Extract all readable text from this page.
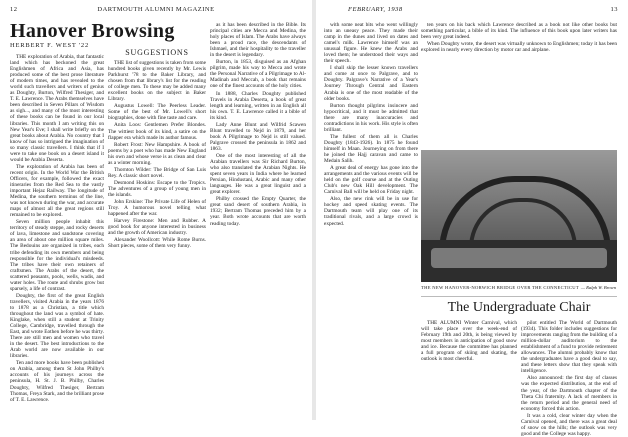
12	DARTMOUTH ALUMNI MAGAZINE
Hanover Browsing
HERBERT F. WEST '22
SUGGESTIONS

THE exploration of Arabia, that fantastic land which has beckoned the great Englishmen of Africa and Asia, has produced some of the best prose literature of modern times, and has revealed to the world such travellers and writers of genius as Doughty, Burton, Wilfred Thesiger, and T. E. Lawrence. The Arabs themselves have been described in Seven Pillars of Wisdom as sigh..., and many of the most interesting of these books can be found in our local libraries. This month I am writing this on New Year's Eve; I shall write briefly on the great books about Arabia. No country that I know of has so intrigued the imagination of so many classic travellers. I think that if I were to take one book on a desert island it would be Arabia Deserta.

The exploration of Arabia has been of recent origin. In the World War the British Officers, for example, followed the exact itineraries from the Red Sea to the vastly important Hejaz Railway. The longitude of Medina, the southern terminus of the line, was not known during the war, and accurate maps of almost all the great regions still remained to be explored.

Seven million people inhabit this territory of steady steppe, and rocky deserts of lava, limestone and sandstone covering an area of about one million square miles. The Bedouins are organized in tribes, each tribe defending its own members and being responsible for the individual's misdeeds. The tribes have their own retainers of craftsmen. The Arabs of the desert, the scattered peasants, pools, wells, wadis, and water holes. The route and shrubs grow but sparsely, a life of contrast.

Doughty, the first of the great English travellers, visited Arabia in the years 1876 to 1878 as a Christian, a title which throughout the land was a symbol of hate. Kinglake, when still a student at Trinity College, Cambridge, travelled through the East, and wrote Eothen before he was thirty. There are still men and women who travel in the desert. The best introductions to the Arab world are now available in our libraries.

Ten and more books have been published on Arabia, among them St John Philby's accounts of his journeys across the peninsula, H. St. J. B. Philby, Charles Doughty, Wilfred Thesiger, Bertram Thomas, Freya Stark, and the brilliant prose of T. E. Lawrence.

THE list of suggestions is taken from some hundred books given recently by Mr. Lewis Parkhurst '78 to the Baker Library, and chosen from that library's list for the reading of college men. To these may be added many excellent books on the subject in Baker Library.

Augustus Lowell: The Peerless Leader. Some of the best of Mr. Lowell's short biographies, done with fine taste and care.

Anita Loos: Gentlemen Prefer Blondes. The wittiest book of its kind, a satire on the flapper era which made its author famous.

Robert Frost: New Hampshire. A book of poems by a poet who has made New England his own and whose verse is as clean and clear as a winter morning.

Thornton Wilder: The Bridge of San Luis Rey. A classic short novel.

Desmond Hoskins: Escape to the Tropics. The adventures of a group of young men in the islands.

John Erskine: The Private Life of Helen of Troy. A humorous novel telling what happened after the war.

Harvey Firestone: Men and Rubber. A good book for anyone interested in business and the growth of American industry.

Alexander Woollcott: While Rome Burns. Short pieces, some of them very funny.

as it has been described in the Bible. Its principal cities are Mecca and Medina, the holy places of Islam. The Arabs have always been a proud race, the descendants of Ishmael, and their hospitality to the traveller in the desert is legendary.

Burton, in 1853, disguised as an Afghan pilgrim, made his way to Mecca and wrote the Personal Narrative of a Pilgrimage to Al-Madinah and Meccah, a book that remains one of the finest accounts of the holy cities.

In 1888, Charles Doughty published Travels in Arabia Deserta, a book of great length and learning, written in an English all his own. T. E. Lawrence called it a bible of its kind.

Lady Anne Blunt and Wilfrid Scawen Blunt travelled to Nejd in 1879, and her book A Pilgrimage to Nejd is still valued. Palgrave crossed the peninsula in 1862 and 1863.

One of the most interesting of all the Arabian travellers was Sir Richard Burton, who also translated the Arabian Nights. He spent seven years in India where he learned Persian, Hindustani, Arabic and many other languages. He was a great linguist and a great explorer.

Philby crossed the Empty Quarter, the great sand desert of southern Arabia, in 1932; Bertram Thomas preceded him by a year. Both wrote accounts that are worth reading today.

FEBRUARY, 1938	13

with some neat bits who went willingly into an uneasy peace. They made their camp in the dunes and lived on dates and camel's milk. Lawrence himself was an unusual figure. He knew the Arabs and loved them; he understood their ways and their speech.

I shall skip the lesser known travellers and come at once to Palgrave, and to Doughty. Palgrave's Narrative of a Year's Journey Through Central and Eastern Arabia is one of the most readable of the older books.

Burton thought pilgrims insincere and hypocritical, and it must be admitted that there are many inaccuracies and contradictions in his work. His style is often brilliant.

The fullest of them all is Charles Doughty (1843-1926). In 1875 he found himself in Maan. Journeying on from there he joined the Hajj caravan and came to Medain Salih.

A great deal of energy has gone into the arrangements and the various events will be held on the golf course and at the Outing Club's new Oak Hill development. The Carnival Ball will be held on Friday night.

Also, the new rink will be in use for hockey and speed skating events. The Dartmouth team will play one of its traditional rivals, and a large crowd is expected.

ten years on his back which Lawrence described as a book not like other books but something particular, a bible of its kind. The influence of this book upon later writers has been very great indeed.

When Doughty wrote, the desert was virtually unknown to Englishmen; today it has been explored in nearly every direction by motor car and airplane.

THE NEW HANOVER-NORWICH BRIDGE OVER THE CONNECTICUT — Ralph W. Brown
The Undergraduate Chair

THE ALUMNI Winter Carnival, which will take place over the week-end of February 19th and 20th, is being viewed by most members in anticipation of good snow and ice. Because the committee has planned a full program of skiing and skating, the outlook is most cheerful.

pilot entitled The World of Dartmouth (1934). This folder includes suggestions for improvements ranging from the building of a million-dollar auditorium to the establishment of a fund to provide retirement allowances. The alumni probably know that the undergraduates have a good deal to say, and these letters show that they speak with intelligence.

Also announced: the first day of classes was the expected distribution, at the end of the year, of the Dartmouth chapter of the Theta Chi fraternity. A lack of members in the return period and the general need of economy forced this action.

It was a cold, clear winter day when the Carnival opened, and there was a great deal of snow on the hills; the outlook was very good and the College was happy.
